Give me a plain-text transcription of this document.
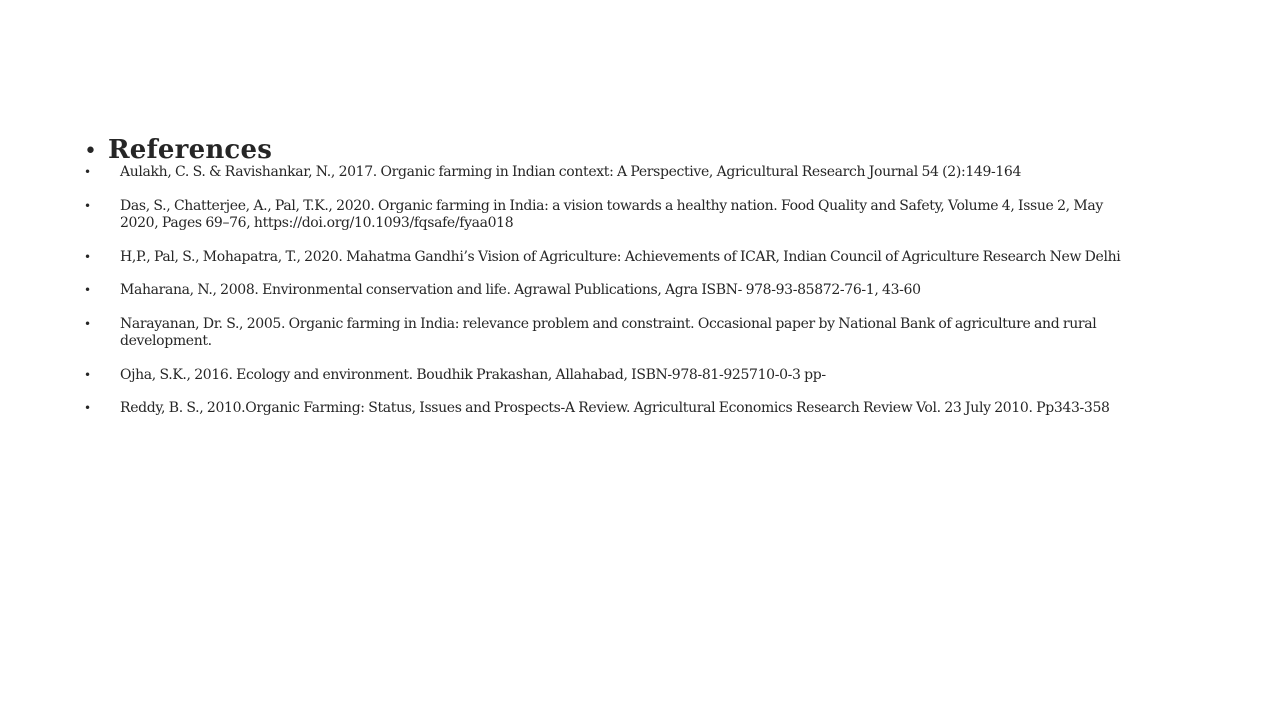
• References
•	Aulakh, C. S. & Ravishankar, N., 2017. Organic farming in Indian context: A Perspective, Agricultural Research Journal 54 (2):149-164
•	Das, S., Chatterjee, A., Pal, T.K., 2020. Organic farming in India: a vision towards a healthy nation. Food Quality and Safety, Volume 4, Issue 2, May 2020, Pages 69–76, https://doi.org/10.1093/fqsafe/fyaa018
•	H,P., Pal, S., Mohapatra, T., 2020. Mahatma Gandhi’s Vision of Agriculture: Achievements of ICAR, Indian Council of Agriculture Research New Delhi
•	Maharana, N., 2008. Environmental conservation and life. Agrawal Publications, Agra ISBN- 978-93-85872-76-1, 43-60
•	Narayanan, Dr. S., 2005. Organic farming in India: relevance problem and constraint. Occasional paper by National Bank of agriculture and rural development.
•	Ojha, S.K., 2016. Ecology and environment. Boudhik Prakashan, Allahabad, ISBN-978-81-925710-0-3 pp-
•	Reddy, B. S., 2010.Organic Farming: Status, Issues and Prospects-A Review. Agricultural Economics Research Review Vol. 23 July 2010. Pp343-358
